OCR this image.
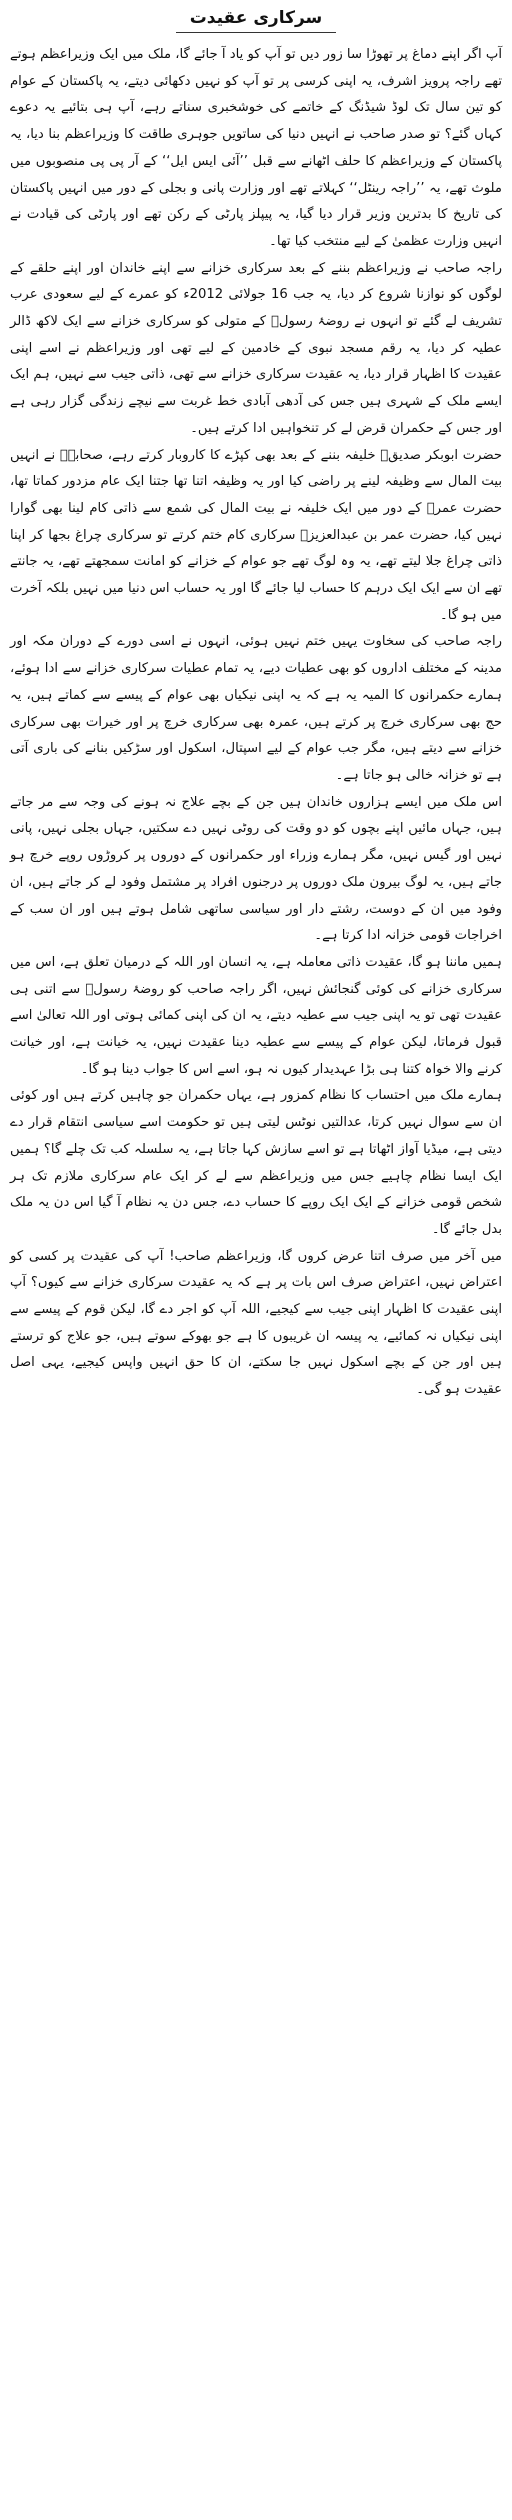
سرکاری عقیدت

آپ اگر اپنے دماغ پر تھوڑا سا زور دیں تو آپ کو یاد آ جائے گا، ملک میں ایک وزیراعظم ہوتے تھے راجہ پرویز اشرف، یہ اپنی کرسی پر تو آپ کو نہیں دکھائی دیتے، یہ پاکستان کے عوام کو تین سال تک لوڈ شیڈنگ کے خاتمے کی خوشخبری سناتے رہے، آپ ہی بتائیے یہ دعوے کہاں گئے؟ تو صدر صاحب نے انہیں دنیا کی ساتویں جوہری طاقت کا وزیراعظم بنا دیا، یہ پاکستان کے وزیراعظم کا حلف اٹھانے سے قبل ’’آئی ایس ایل‘‘ کے آر پی پی منصوبوں میں ملوث تھے، یہ ’’راجہ رینٹل‘‘ کہلاتے تھے اور وزارت پانی و بجلی کے دور میں انہیں پاکستان کی تاریخ کا بدترین وزیر قرار دیا گیا، یہ پیپلز پارٹی کے رکن تھے اور پارٹی کی قیادت نے انہیں وزارت عظمیٰ کے لیے منتخب کیا تھا۔

راجہ صاحب نے وزیراعظم بننے کے بعد سرکاری خزانے سے اپنے خاندان اور اپنے حلقے کے لوگوں کو نوازنا شروع کر دیا، یہ جب 16 جولائی 2012ء کو عمرے کے لیے سعودی عرب تشریف لے گئے تو انہوں نے روضۂ رسولؐ کے متولی کو سرکاری خزانے سے ایک لاکھ ڈالر عطیہ کر دیا، یہ رقم مسجد نبوی کے خادمین کے لیے تھی اور وزیراعظم نے اسے اپنی عقیدت کا اظہار قرار دیا، یہ عقیدت سرکاری خزانے سے تھی، ذاتی جیب سے نہیں، ہم ایک ایسے ملک کے شہری ہیں جس کی آدھی آبادی خط غربت سے نیچے زندگی گزار رہی ہے اور جس کے حکمران قرض لے کر تنخواہیں ادا کرتے ہیں۔

حضرت ابوبکر صدیقؓ خلیفہ بننے کے بعد بھی کپڑے کا کاروبار کرتے رہے، صحابہؓ نے انہیں بیت المال سے وظیفہ لینے پر راضی کیا اور یہ وظیفہ اتنا تھا جتنا ایک عام مزدور کماتا تھا، حضرت عمرؓ کے دور میں ایک خلیفہ نے بیت المال کی شمع سے ذاتی کام لینا بھی گوارا نہیں کیا، حضرت عمر بن عبدالعزیزؒ سرکاری کام ختم کرتے تو سرکاری چراغ بجھا کر اپنا ذاتی چراغ جلا لیتے تھے، یہ وہ لوگ تھے جو عوام کے خزانے کو امانت سمجھتے تھے، یہ جانتے تھے ان سے ایک ایک درہم کا حساب لیا جائے گا اور یہ حساب اس دنیا میں نہیں بلکہ آخرت میں ہو گا۔

راجہ صاحب کی سخاوت یہیں ختم نہیں ہوئی، انہوں نے اسی دورے کے دوران مکہ اور مدینہ کے مختلف اداروں کو بھی عطیات دیے، یہ تمام عطیات سرکاری خزانے سے ادا ہوئے، ہمارے حکمرانوں کا المیہ یہ ہے کہ یہ اپنی نیکیاں بھی عوام کے پیسے سے کماتے ہیں، یہ حج بھی سرکاری خرچ پر کرتے ہیں، عمرہ بھی سرکاری خرچ پر اور خیرات بھی سرکاری خزانے سے دیتے ہیں، مگر جب عوام کے لیے اسپتال، اسکول اور سڑکیں بنانے کی باری آتی ہے تو خزانہ خالی ہو جاتا ہے۔

اس ملک میں ایسے ہزاروں خاندان ہیں جن کے بچے علاج نہ ہونے کی وجہ سے مر جاتے ہیں، جہاں مائیں اپنے بچوں کو دو وقت کی روٹی نہیں دے سکتیں، جہاں بجلی نہیں، پانی نہیں اور گیس نہیں، مگر ہمارے وزراء اور حکمرانوں کے دوروں پر کروڑوں روپے خرچ ہو جاتے ہیں، یہ لوگ بیرون ملک دوروں پر درجنوں افراد پر مشتمل وفود لے کر جاتے ہیں، ان وفود میں ان کے دوست، رشتے دار اور سیاسی ساتھی شامل ہوتے ہیں اور ان سب کے اخراجات قومی خزانہ ادا کرتا ہے۔

ہمیں ماننا ہو گا، عقیدت ذاتی معاملہ ہے، یہ انسان اور اللہ کے درمیان تعلق ہے، اس میں سرکاری خزانے کی کوئی گنجائش نہیں، اگر راجہ صاحب کو روضۂ رسولؐ سے اتنی ہی عقیدت تھی تو یہ اپنی جیب سے عطیہ دیتے، یہ ان کی اپنی کمائی ہوتی اور اللہ تعالیٰ اسے قبول فرماتا، لیکن عوام کے پیسے سے عطیہ دینا عقیدت نہیں، یہ خیانت ہے، اور خیانت کرنے والا خواہ کتنا ہی بڑا عہدیدار کیوں نہ ہو، اسے اس کا جواب دینا ہو گا۔

ہمارے ملک میں احتساب کا نظام کمزور ہے، یہاں حکمران جو چاہیں کرتے ہیں اور کوئی ان سے سوال نہیں کرتا، عدالتیں نوٹس لیتی ہیں تو حکومت اسے سیاسی انتقام قرار دے دیتی ہے، میڈیا آواز اٹھاتا ہے تو اسے سازش کہا جاتا ہے، یہ سلسلہ کب تک چلے گا؟ ہمیں ایک ایسا نظام چاہیے جس میں وزیراعظم سے لے کر ایک عام سرکاری ملازم تک ہر شخص قومی خزانے کے ایک ایک روپے کا حساب دے، جس دن یہ نظام آ گیا اس دن یہ ملک بدل جائے گا۔

میں آخر میں صرف اتنا عرض کروں گا، وزیراعظم صاحب! آپ کی عقیدت پر کسی کو اعتراض نہیں، اعتراض صرف اس بات پر ہے کہ یہ عقیدت سرکاری خزانے سے کیوں؟ آپ اپنی عقیدت کا اظہار اپنی جیب سے کیجیے، اللہ آپ کو اجر دے گا، لیکن قوم کے پیسے سے اپنی نیکیاں نہ کمائیے، یہ پیسہ ان غریبوں کا ہے جو بھوکے سوتے ہیں، جو علاج کو ترستے ہیں اور جن کے بچے اسکول نہیں جا سکتے، ان کا حق انہیں واپس کیجیے، یہی اصل عقیدت ہو گی۔
